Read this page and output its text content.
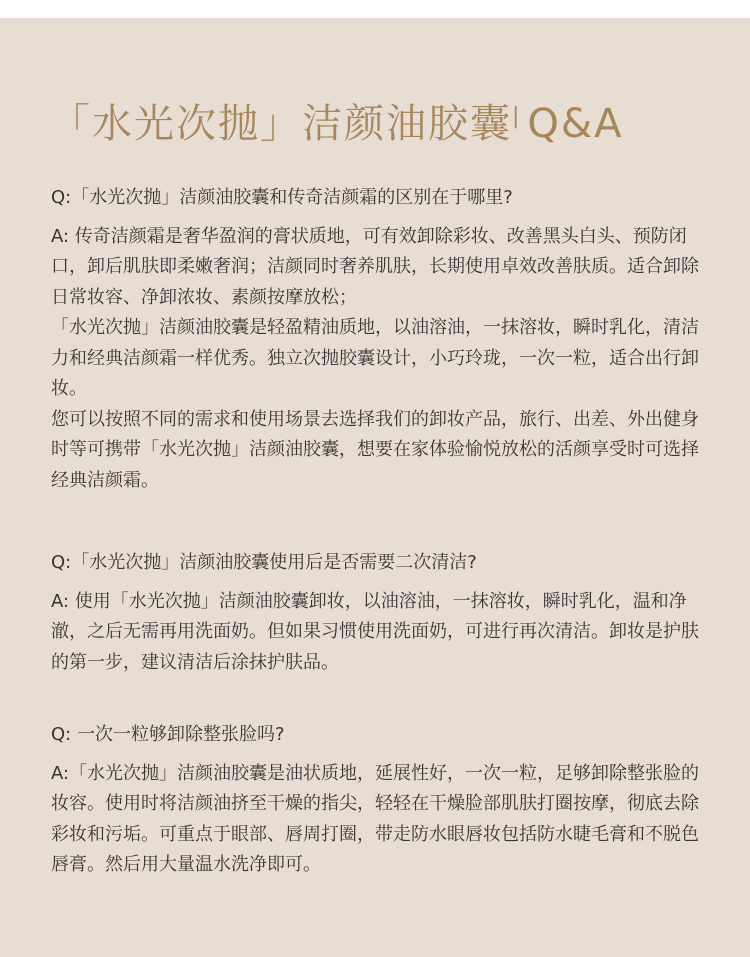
「水光次抛」洁颜油胶囊| Q&A

Q:「水光次抛」洁颜油胶囊和传奇洁颜霜的区别在于哪里?

A: 传奇洁颜霜是奢华盈润的膏状质地，可有效卸除彩妆、改善黑头白头、预防闭口，卸后肌肤即柔嫩奢润；洁颜同时奢养肌肤，长期使用卓效改善肤质。适合卸除日常妆容、净卸浓妆、素颜按摩放松；

「水光次抛」洁颜油胶囊是轻盈精油质地，以油溶油，一抹溶妆，瞬时乳化，清洁力和经典洁颜霜一样优秀。独立次抛胶囊设计，小巧玲珑，一次一粒，适合出行卸妆。

您可以按照不同的需求和使用场景去选择我们的卸妆产品，旅行、出差、外出健身时等可携带「水光次抛」洁颜油胶囊，想要在家体验愉悦放松的活颜享受时可选择经典洁颜霜。

Q:「水光次抛」洁颜油胶囊使用后是否需要二次清洁?

A: 使用「水光次抛」洁颜油胶囊卸妆，以油溶油，一抹溶妆，瞬时乳化，温和净澈，之后无需再用洗面奶。但如果习惯使用洗面奶，可进行再次清洁。卸妆是护肤的第一步，建议清洁后涂抹护肤品。

Q: 一次一粒够卸除整张脸吗?

A:「水光次抛」洁颜油胶囊是油状质地，延展性好，一次一粒，足够卸除整张脸的妆容。使用时将洁颜油挤至干燥的指尖，轻轻在干燥脸部肌肤打圈按摩，彻底去除彩妆和污垢。可重点于眼部、唇周打圈，带走防水眼唇妆包括防水睫毛膏和不脱色唇膏。然后用大量温水洗净即可。
